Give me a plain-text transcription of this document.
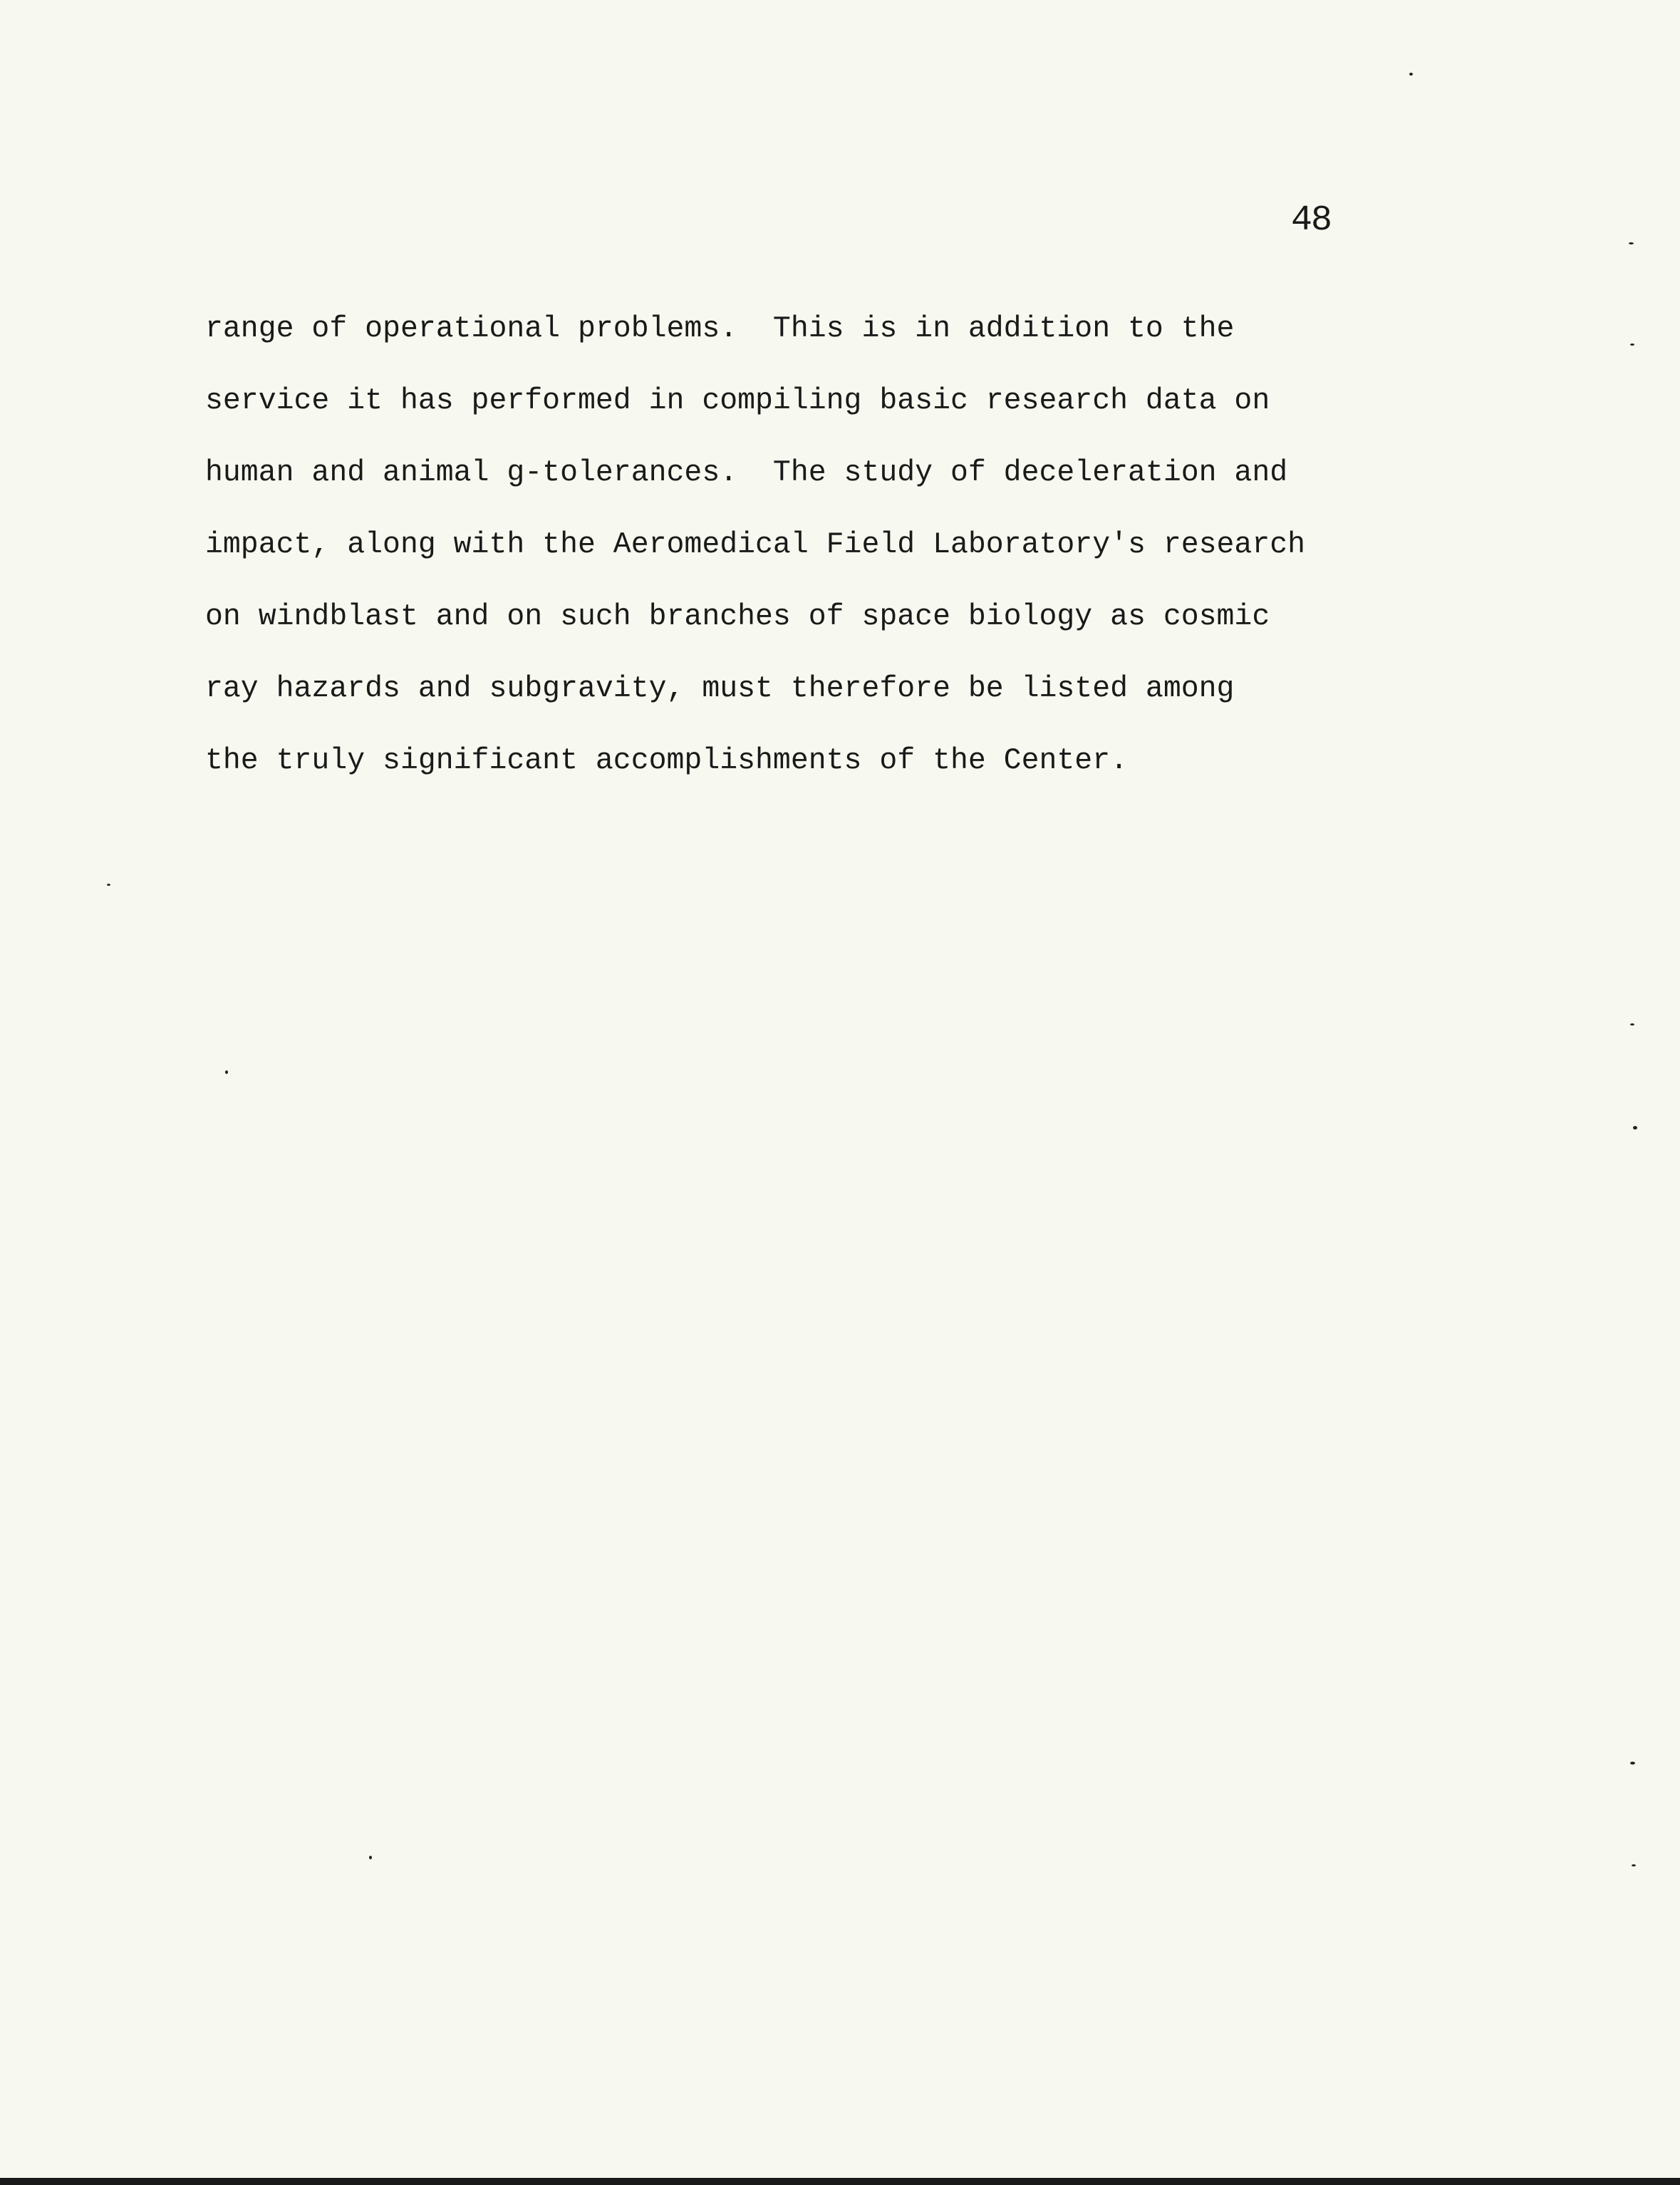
48
range of operational problems.  This is in addition to the
service it has performed in compiling basic research data on
human and animal g-tolerances.  The study of deceleration and
impact, along with the Aeromedical Field Laboratory's research
on windblast and on such branches of space biology as cosmic
ray hazards and subgravity, must therefore be listed among
the truly significant accomplishments of the Center.
